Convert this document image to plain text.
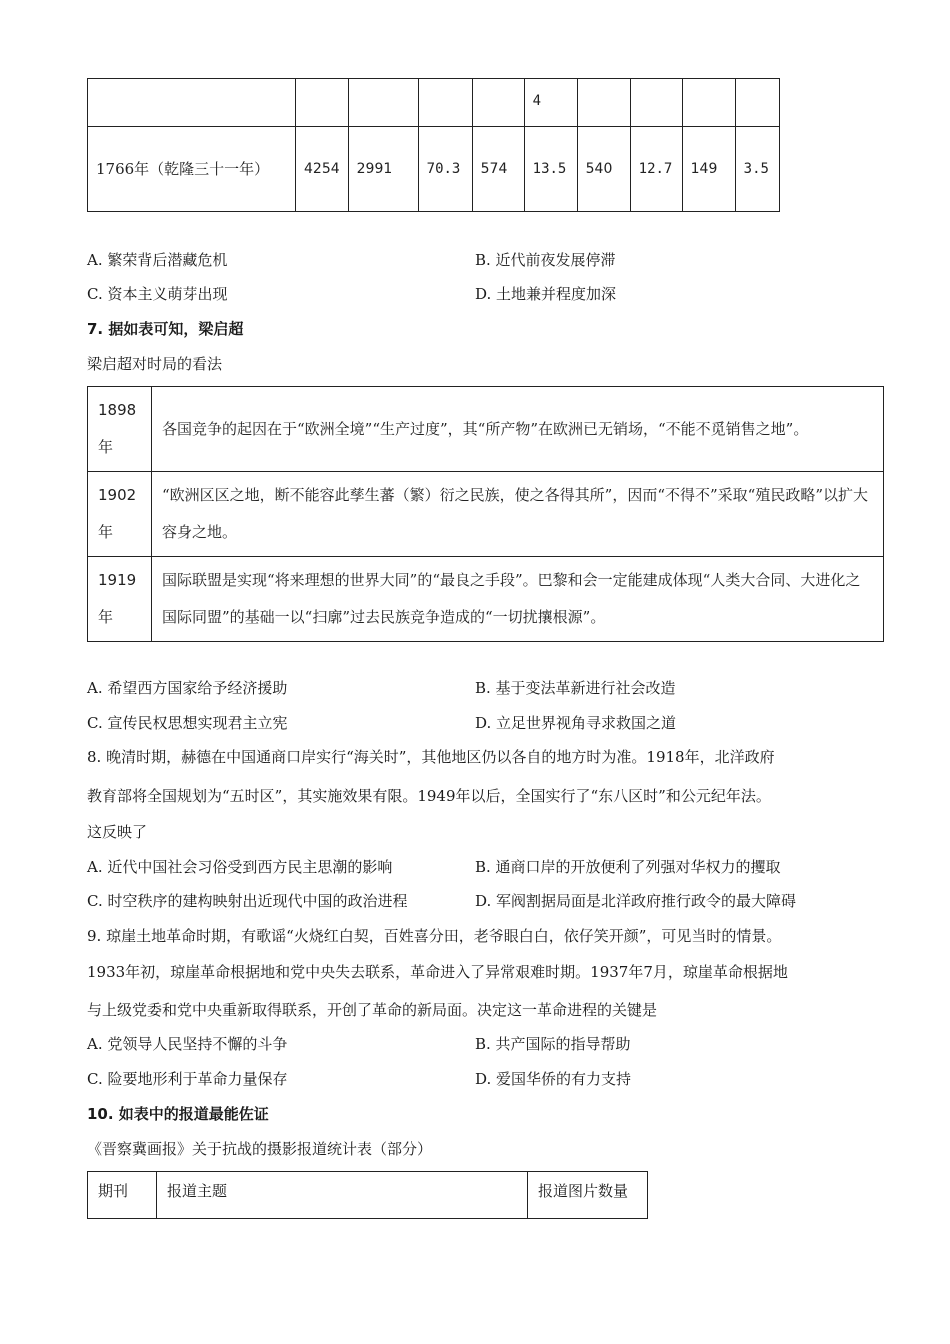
					4				
1766年（乾隆三十一年）	4254	2991	70.3	574	13.5	540	12.7	149	3.5
A. 繁荣背后潜藏危机	B. 近代前夜发展停滞
C. 资本主义萌芽出现	D. 土地兼并程度加深
7. 据如表可知，梁启超
梁启超对时局的看法
1898年	各国竞争的起因在于“欧洲全境”“生产过度”，其“所产物”在欧洲已无销场，“不能不觅销售之地”。
1902年	“欧洲区区之地，断不能容此孳生蕃（繁）衍之民族，使之各得其所”，因而“不得不”采取“殖民政略”以扩大容身之地。
1919年	国际联盟是实现“将来理想的世界大同”的“最良之手段”。巴黎和会一定能建成体现“人类大合同、大进化之国际同盟”的基础一以“扫廓”过去民族竞争造成的“一切扰攘根源”。
A. 希望西方国家给予经济援助	B. 基于变法革新进行社会改造
C. 宣传民权思想实现君主立宪	D. 立足世界视角寻求救国之道
8. 晚清时期，赫德在中国通商口岸实行“海关时”，其他地区仍以各自的地方时为准。1918年，北洋政府
教育部将全国规划为“五时区”，其实施效果有限。1949年以后，全国实行了“东八区时”和公元纪年法。
这反映了
A. 近代中国社会习俗受到西方民主思潮的影响	B. 通商口岸的开放便利了列强对华权力的攫取
C. 时空秩序的建构映射出近现代中国的政治进程	D. 军阀割据局面是北洋政府推行政令的最大障碍
9. 琼崖土地革命时期，有歌谣“火烧红白契，百姓喜分田，老爷眼白白，依仔笑开颜”，可见当时的情景。
1933年初，琼崖革命根据地和党中央失去联系，革命进入了异常艰难时期。1937年7月，琼崖革命根据地
与上级党委和党中央重新取得联系，开创了革命的新局面。决定这一革命进程的关键是
A. 党领导人民坚持不懈的斗争	B. 共产国际的指导帮助
C. 险要地形利于革命力量保存	D. 爱国华侨的有力支持
10. 如表中的报道最能佐证
《晋察冀画报》关于抗战的摄影报道统计表（部分）
期刊	报道主题	报道图片数量
